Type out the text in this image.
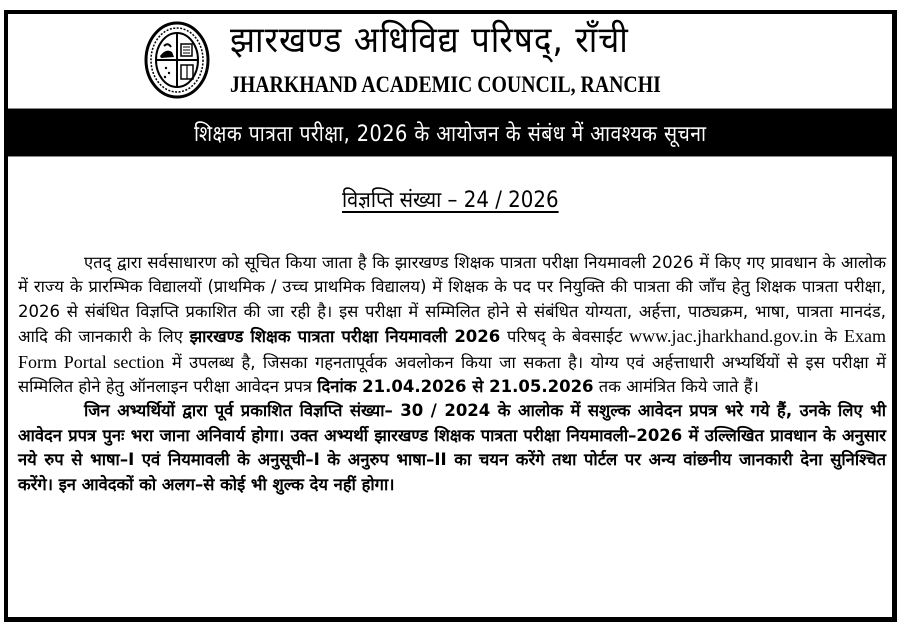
झारखण्ड अधिविद्य परिषद्, राँची
JHARKHAND ACADEMIC COUNCIL, RANCHI
शिक्षक पात्रता परीक्षा, 2026 के आयोजन के संबंध में आवश्यक सूचना
विज्ञप्ति संख्या – 24 / 2026

एतद् द्वारा सर्वसाधारण को सूचित किया जाता है कि झारखण्ड शिक्षक पात्रता परीक्षा नियमावली 2026 में किए गए प्रावधान के आलोक में राज्य के प्रारम्भिक विद्यालयों (प्राथमिक / उच्च प्राथमिक विद्यालय) में शिक्षक के पद पर नियुक्ति की पात्रता की जाँच हेतु शिक्षक पात्रता परीक्षा, 2026 से संबंधित विज्ञप्ति प्रकाशित की जा रही है। इस परीक्षा में सम्मिलित होने से संबंधित योग्यता, अर्हत्ता, पाठ्यक्रम, भाषा, पात्रता मानदंड, आदि की जानकारी के लिए झारखण्ड शिक्षक पात्रता परीक्षा नियमावली 2026 परिषद् के बेवसाईट www.jac.jharkhand.gov.in के Exam Form Portal section में उपलब्ध है, जिसका गहनतापूर्वक अवलोकन किया जा सकता है। योग्य एवं अर्हत्ताधारी अभ्यर्थियों से इस परीक्षा में सम्मिलित होने हेतु ऑनलाइन परीक्षा आवेदन प्रपत्र दिनांक 21.04.2026 से 21.05.2026 तक आमंत्रित किये जाते हैं।

जिन अभ्यर्थियों द्वारा पूर्व प्रकाशित विज्ञप्ति संख्या– 30 / 2024 के आलोक में सशुल्क आवेदन प्रपत्र भरे गये हैं, उनके लिए भी आवेदन प्रपत्र पुनः भरा जाना अनिवार्य होगा। उक्त अभ्यर्थी झारखण्ड शिक्षक पात्रता परीक्षा नियमावली–2026 में उल्लिखित प्रावधान के अनुसार नये रुप से भाषा–I एवं नियमावली के अनुसूची–I के अनुरुप भाषा–II का चयन करेंगे तथा पोर्टल पर अन्य वांछनीय जानकारी देना सुनिश्चित करेंगे। इन आवेदकों को अलग–से कोई भी शुल्क देय नहीं होगा।
